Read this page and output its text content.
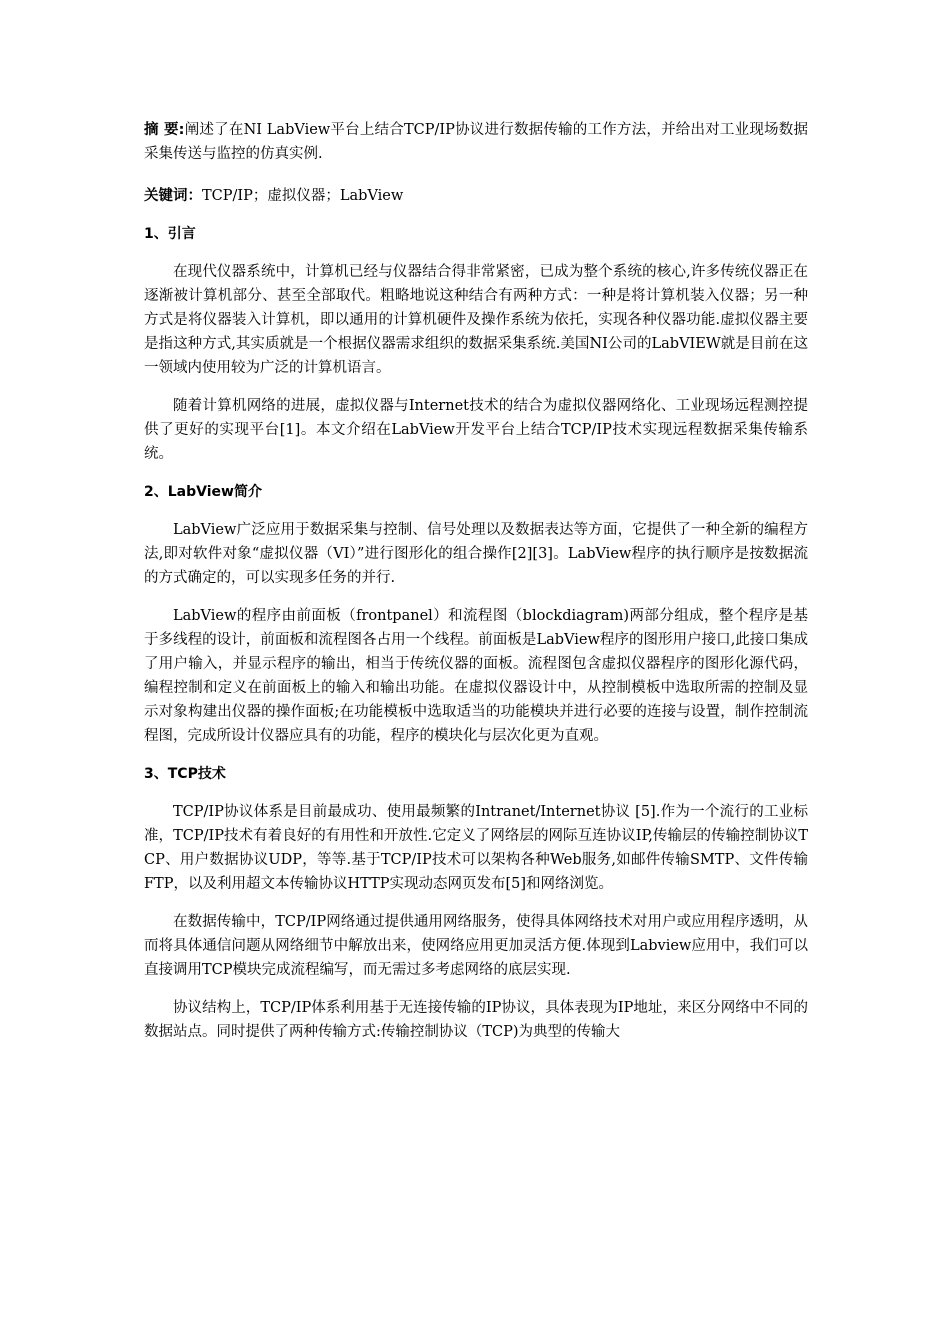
摘 要:阐述了在NI LabView平台上结合TCP/IP协议进行数据传输的工作方法，并给出对工业现场数据采集传送与监控的仿真实例.

关键词：TCP/IP；虚拟仪器；LabView

1、引言

在现代仪器系统中，计算机已经与仪器结合得非常紧密，已成为整个系统的核心,许多传统仪器正在逐渐被计算机部分、甚至全部取代。粗略地说这种结合有两种方式：一种是将计算机装入仪器；另一种方式是将仪器装入计算机，即以通用的计算机硬件及操作系统为依托，实现各种仪器功能.虚拟仪器主要是指这种方式,其实质就是一个根据仪器需求组织的数据采集系统.美国NI公司的LabVIEW就是目前在这一领域内使用较为广泛的计算机语言。

随着计算机网络的进展，虚拟仪器与Internet技术的结合为虚拟仪器网络化、工业现场远程测控提供了更好的实现平台[1]。本文介绍在LabView开发平台上结合TCP/IP技术实现远程数据采集传输系统。

2、LabView简介

LabView广泛应用于数据采集与控制、信号处理以及数据表达等方面，它提供了一种全新的编程方法,即对软件对象“虚拟仪器（VI）”进行图形化的组合操作[2][3]。LabView程序的执行顺序是按数据流的方式确定的，可以实现多任务的并行.

LabView的程序由前面板（frontpanel）和流程图（blockdiagram)两部分组成，整个程序是基于多线程的设计，前面板和流程图各占用一个线程。前面板是LabView程序的图形用户接口,此接口集成了用户输入，并显示程序的输出，相当于传统仪器的面板。流程图包含虚拟仪器程序的图形化源代码，编程控制和定义在前面板上的输入和输出功能。在虚拟仪器设计中，从控制模板中选取所需的控制及显示对象构建出仪器的操作面板;在功能模板中选取适当的功能模块并进行必要的连接与设置，制作控制流程图，完成所设计仪器应具有的功能，程序的模块化与层次化更为直观。

3、TCP技术

TCP/IP协议体系是目前最成功、使用最频繁的Intranet/Internet协议 [5].作为一个流行的工业标准，TCP/IP技术有着良好的有用性和开放性.它定义了网络层的网际互连协议IP,传输层的传输控制协议TCP、用户数据协议UDP，等等.基于TCP/IP技术可以架构各种Web服务,如邮件传输SMTP、文件传输FTP，以及利用超文本传输协议HTTP实现动态网页发布[5]和网络浏览。

在数据传输中，TCP/IP网络通过提供通用网络服务，使得具体网络技术对用户或应用程序透明，从而将具体通信问题从网络细节中解放出来，使网络应用更加灵活方便.体现到Labview应用中，我们可以直接调用TCP模块完成流程编写，而无需过多考虑网络的底层实现.

协议结构上，TCP/IP体系利用基于无连接传输的IP协议，具体表现为IP地址，来区分网络中不同的数据站点。同时提供了两种传输方式:传输控制协议（TCP)为典型的传输大
